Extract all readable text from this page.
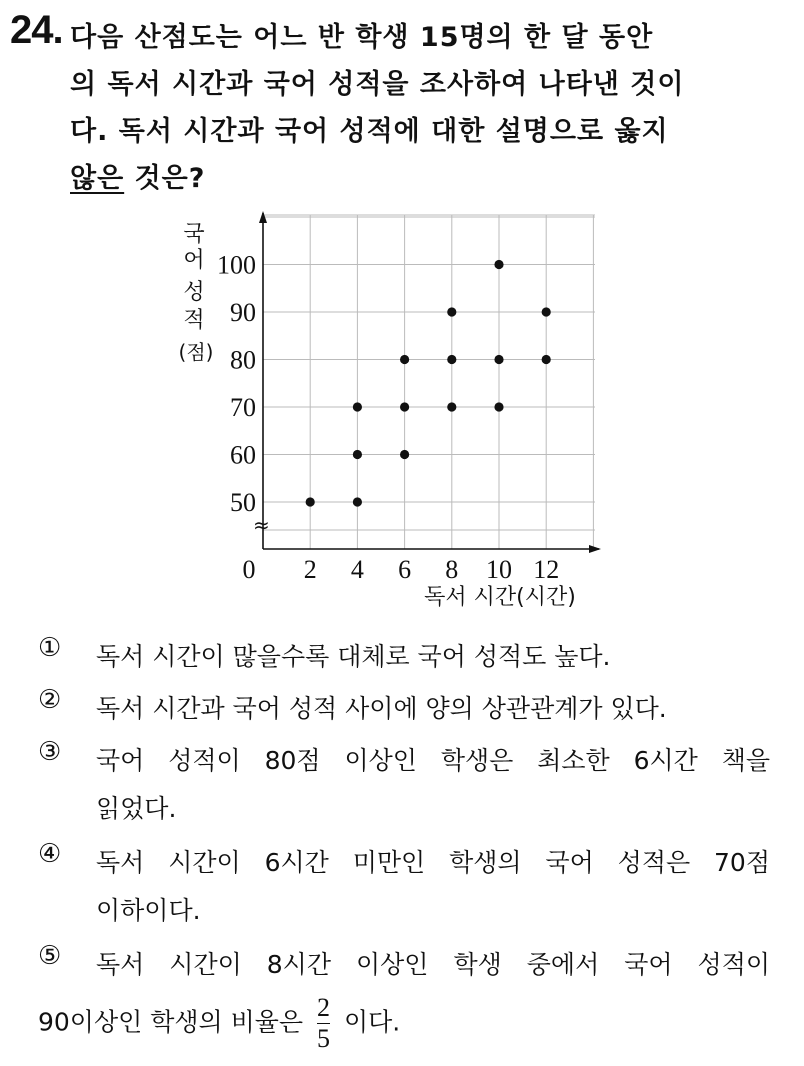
24. 다음 산점도는 어느 반 학생 15명의 한 달 동안
의 독서 시간과 국어 성적을 조사하여 나타낸 것이
다. 독서 시간과 국어 성적에 대한 설명으로 옳지
않은 것은?
≈
2 4 6 8 10 12
0
50
60
70
80
90
100
국
어
성
적
(점)
독서 시간(시간)
①	독서 시간이 많을수록 대체로 국어 성적도 높다.
②	독서 시간과 국어 성적 사이에 양의 상관관계가 있다.
③	국어 성적이 80점 이상인 학생은 최소한 6시간 책을
읽었다.
④	독서 시간이 6시간 미만인 학생의 국어 성적은 70점
이하이다.
⑤	독서 시간이 8시간 이상인 학생 중에서 국어 성적이
90이상인 학생의 비율은 $\frac{2}{5}$ 이다.
